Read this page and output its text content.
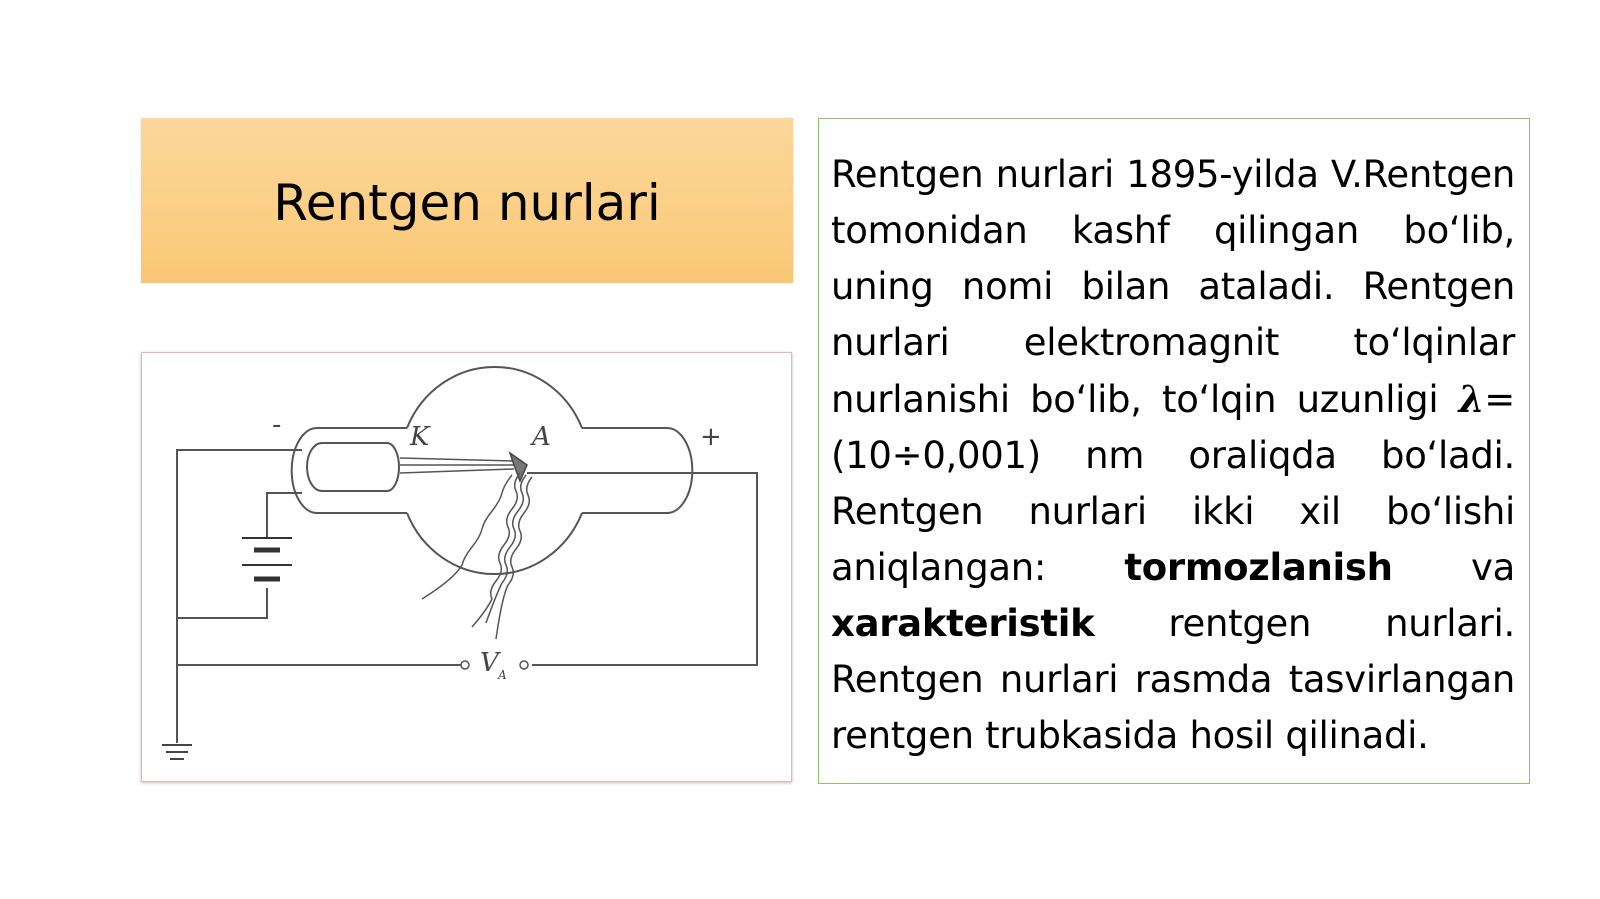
Rentgen nurlari
K	A
-	+
V A

Rentgen nurlari 1895-yilda V.Rentgen tomonidan kashf qilingan bo‘lib, uning nomi bilan ataladi. Rentgen nurlari elektromagnit to‘lqinlar nurlanishi bo‘lib, to‘lqin uzunligi λ=(10÷0,001) nm oraliqda bo‘ladi. Rentgen nurlari ikki xil bo‘lishi aniqlangan: tormozlanish va xarakteristik rentgen nurlari. Rentgen nurlari rasmda tasvirlangan rentgen trubkasida hosil qilinadi.
